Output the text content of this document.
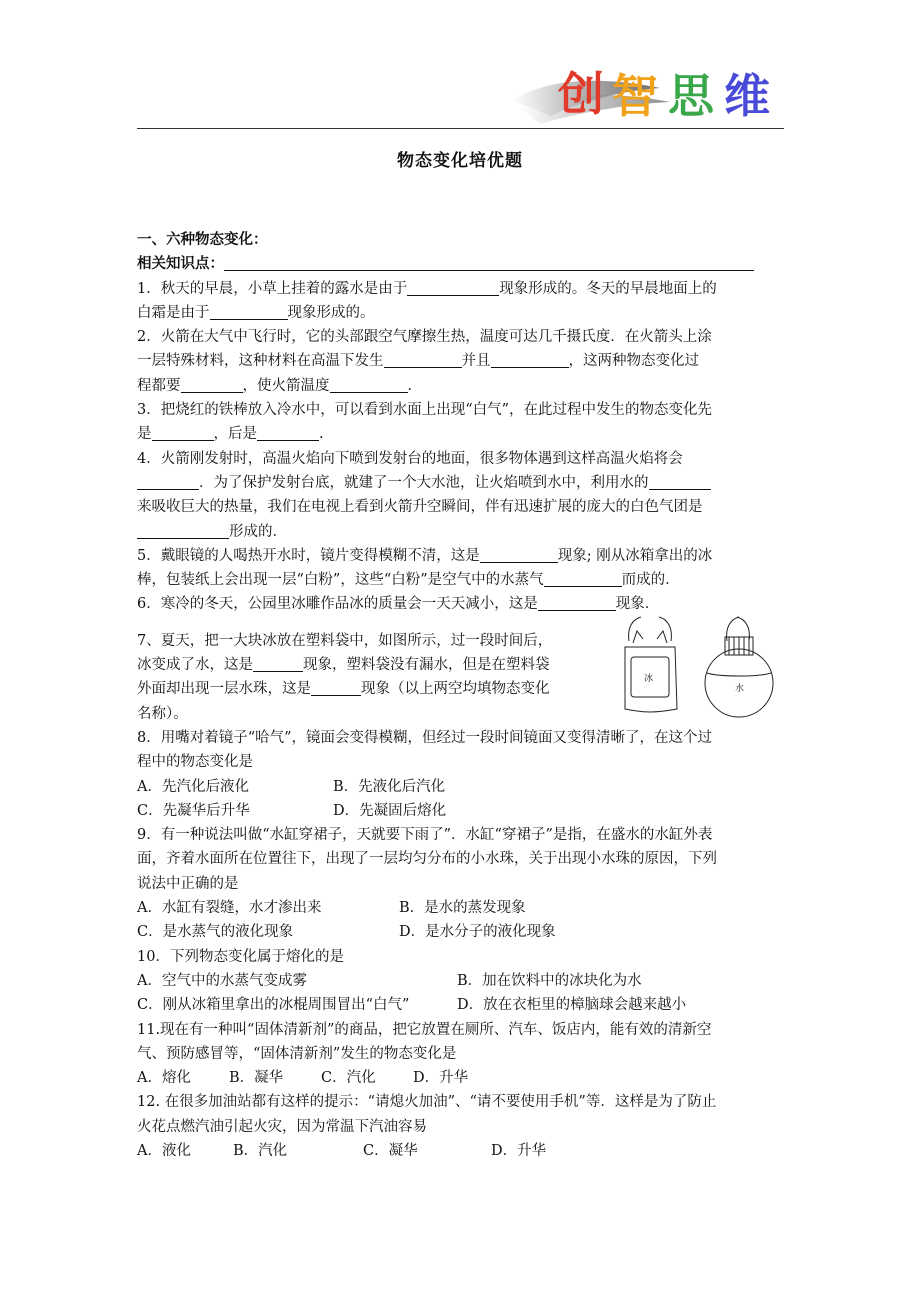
创 智 思 维
物态变化培优题

一、六种物态变化：

相关知识点：

1．秋天的早晨，小草上挂着的露水是由于	现象形成的。冬天的早晨地面上的

白霜是由于	现象形成的。

2．火箭在大气中飞行时，它的头部跟空气摩擦生热，温度可达几千摄氏度．在火箭头上涂

一层特殊材料，这种材料在高温下发生	并且	，这两种物态变化过

程都要	，使火箭温度	．

3．把烧红的铁棒放入冷水中，可以看到水面上出现“白气”，在此过程中发生的物态变化先

是	，后是	.

4．火箭刚发射时，高温火焰向下喷到发射台的地面，很多物体遇到这样高温火焰将会

．为了保护发射台底，就建了一个大水池，让火焰喷到水中，利用水的

来吸收巨大的热量，我们在电视上看到火箭升空瞬间，伴有迅速扩展的庞大的白色气团是

形成的．

5．戴眼镜的人喝热开水时，镜片变得模糊不清，这是	现象; 刚从冰箱拿出的冰

棒，包装纸上会出现一层“白粉”，这些“白粉”是空气中的水蒸气	而成的．

6．寒冷的冬天，公园里冰雕作品冰的质量会一天天减小，这是	现象．

7、夏天，把一大块冰放在塑料袋中，如图所示，过一段时间后，

冰变成了水，这是	现象，塑料袋没有漏水，但是在塑料袋

外面却出现一层水珠，这是	现象（以上两空均填物态变化

名称）。

冰
水

8．用嘴对着镜子“哈气”，镜面会变得模糊，但经过一段时间镜面又变得清晰了，在这个过

程中的物态变化是

A．先汽化后液化	B．先液化后汽化
C．先凝华后升华	D．先凝固后熔化

9．有一种说法叫做“水缸穿裙子，天就要下雨了”．水缸“穿裙子”是指，在盛水的水缸外表

面，齐着水面所在位置往下，出现了一层均匀分布的小水珠，关于出现小水珠的原因，下列

说法中正确的是

A．水缸有裂缝，水才渗出来	B．是水的蒸发现象
C．是水蒸气的液化现象	D．是水分子的液化现象

10．下列物态变化属于熔化的是

A．空气中的水蒸气变成雾	B．加在饮料中的冰块化为水
C．刚从冰箱里拿出的冰棍周围冒出“白气”	D．放在衣柜里的樟脑球会越来越小

11.现在有一种叫“固体清新剂”的商品，把它放置在厕所、汽车、饭店内，能有效的清新空

气、预防感冒等，“固体清新剂”发生的物态变化是

A．熔化	B．凝华	C．汽化	D．升华

12. 在很多加油站都有这样的提示：“请熄火加油”、“请不要使用手机”等．这样是为了防止

火花点燃汽油引起火灾，因为常温下汽油容易

A．液化	B．汽化	C．凝华	D．升华
